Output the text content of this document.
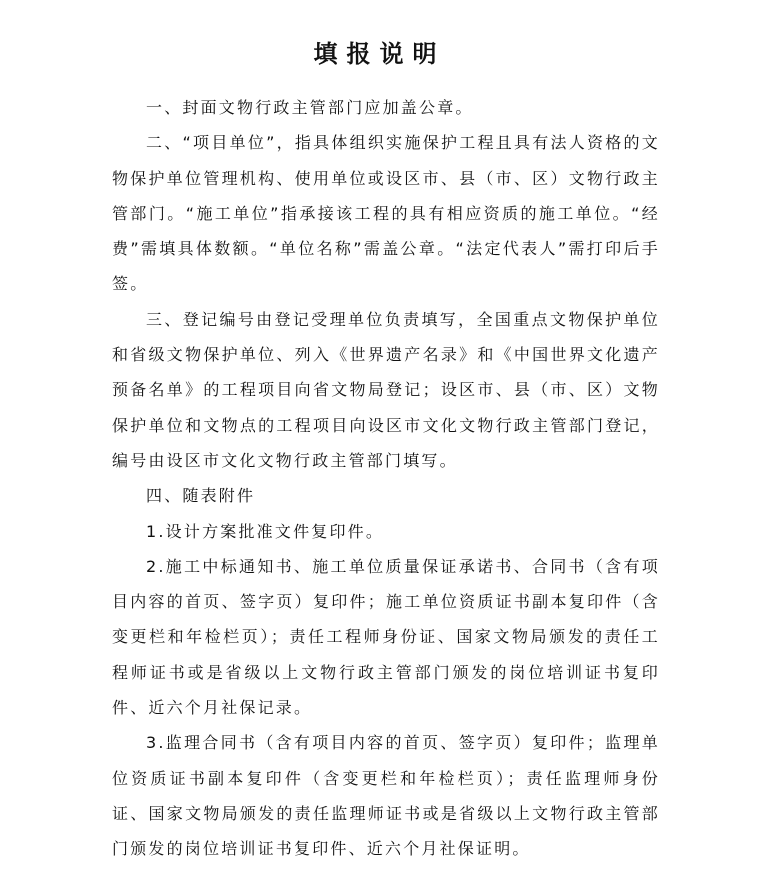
填报说明

一、封面文物行政主管部门应加盖公章。

二、“项目单位”，指具体组织实施保护工程且具有法人资格的文物保护单位管理机构、使用单位或设区市、县（市、区）文物行政主管部门。“施工单位”指承接该工程的具有相应资质的施工单位。“经费”需填具体数额。“单位名称”需盖公章。“法定代表人”需打印后手签。

三、登记编号由登记受理单位负责填写，全国重点文物保护单位和省级文物保护单位、列入《世界遗产名录》和《中国世界文化遗产预备名单》的工程项目向省文物局登记；设区市、县（市、区）文物保护单位和文物点的工程项目向设区市文化文物行政主管部门登记，编号由设区市文化文物行政主管部门填写。

四、随表附件

1.设计方案批准文件复印件。

2.施工中标通知书、施工单位质量保证承诺书、合同书（含有项目内容的首页、签字页）复印件；施工单位资质证书副本复印件（含变更栏和年检栏页）；责任工程师身份证、国家文物局颁发的责任工程师证书或是省级以上文物行政主管部门颁发的岗位培训证书复印件、近六个月社保记录。

3.监理合同书（含有项目内容的首页、签字页）复印件；监理单位资质证书副本复印件（含变更栏和年检栏页）；责任监理师身份证、国家文物局颁发的责任监理师证书或是省级以上文物行政主管部门颁发的岗位培训证书复印件、近六个月社保证明。
